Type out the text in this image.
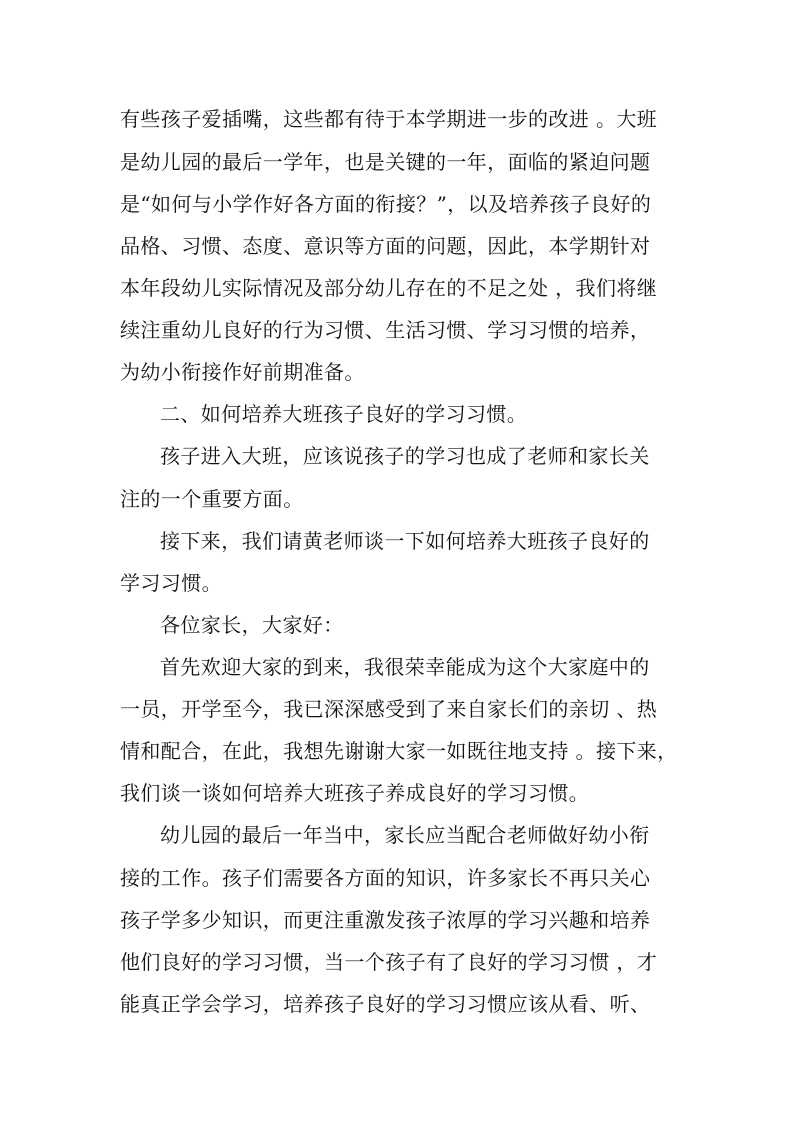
有些孩子爱插嘴，这些都有待于本学期进一步的改进 。大班
是幼儿园的最后一学年，也是关键的一年，面临的紧迫问题
是“如何与小学作好各方面的衔接？”，以及培养孩子良好的
品格、习惯、态度、意识等方面的问题，因此，本学期针对
本年段幼儿实际情况及部分幼儿存在的不足之处 ，我们将继
续注重幼儿良好的行为习惯、生活习惯、学习习惯的培养，
为幼小衔接作好前期准备。
二、如何培养大班孩子良好的学习习惯。
孩子进入大班，应该说孩子的学习也成了老师和家长关
注的一个重要方面。
接下来，我们请黄老师谈一下如何培养大班孩子良好的
学习习惯。
各位家长，大家好：
首先欢迎大家的到来，我很荣幸能成为这个大家庭中的
一员，开学至今，我已深深感受到了来自家长们的亲切 、热
情和配合，在此，我想先谢谢大家一如既往地支持 。接下来，
我们谈一谈如何培养大班孩子养成良好的学习习惯。
幼儿园的最后一年当中，家长应当配合老师做好幼小衔
接的工作。孩子们需要各方面的知识，许多家长不再只关心
孩子学多少知识，而更注重激发孩子浓厚的学习兴趣和培养
他们良好的学习习惯，当一个孩子有了良好的学习习惯 ，才
能真正学会学习，培养孩子良好的学习习惯应该从看、听、
